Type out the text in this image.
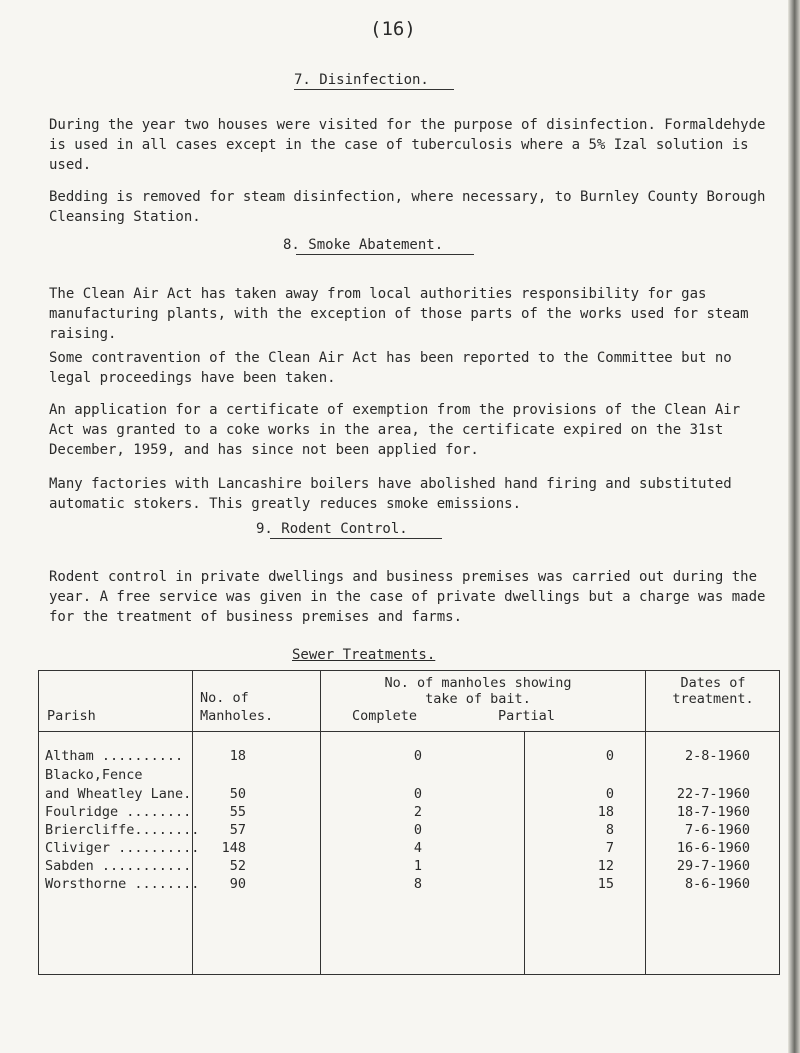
(16)
7. Disinfection.
During the year two houses were visited for the purpose of disinfection. Formaldehyde is used in all cases except in the case of tuberculosis where a 5% Izal solution is used.
Bedding is removed for steam disinfection, where necessary, to Burnley County Borough Cleansing Station.
8. Smoke Abatement.
The Clean Air Act has taken away from local authorities responsibility for gas manufacturing plants, with the exception of those parts of the works used for steam raising.
Some contravention of the Clean Air Act has been reported to the Committee but no legal proceedings have been taken.
An application for a certificate of exemption from the provisions of the Clean Air Act was granted to a coke works in the area, the certificate expired on the 31st December, 1959, and has since not been applied for.
Many factories with Lancashire boilers have abolished hand firing and substituted automatic stokers. This greatly reduces smoke emissions.
9. Rodent Control.
Rodent control in private dwellings and business premises was carried out during the year. A free service was given in the case of private dwellings but a charge was made for the treatment of business premises and farms.
Sewer Treatments.
Parish
No. of
Manholes.
No. of manholes showing
take of bait.
Complete	Partial
Dates of
treatment.
Altham ..........	18	0	0	2-8-1960
Blacko,Fence
and Wheatley Lane.	50	0	0	22-7-1960
Foulridge ........	55	2	18	18-7-1960
Briercliffe........	57	0	8	7-6-1960
Cliviger ..........	148	4	7	16-6-1960
Sabden ...........	52	1	12	29-7-1960
Worsthorne ........	90	8	15	8-6-1960
